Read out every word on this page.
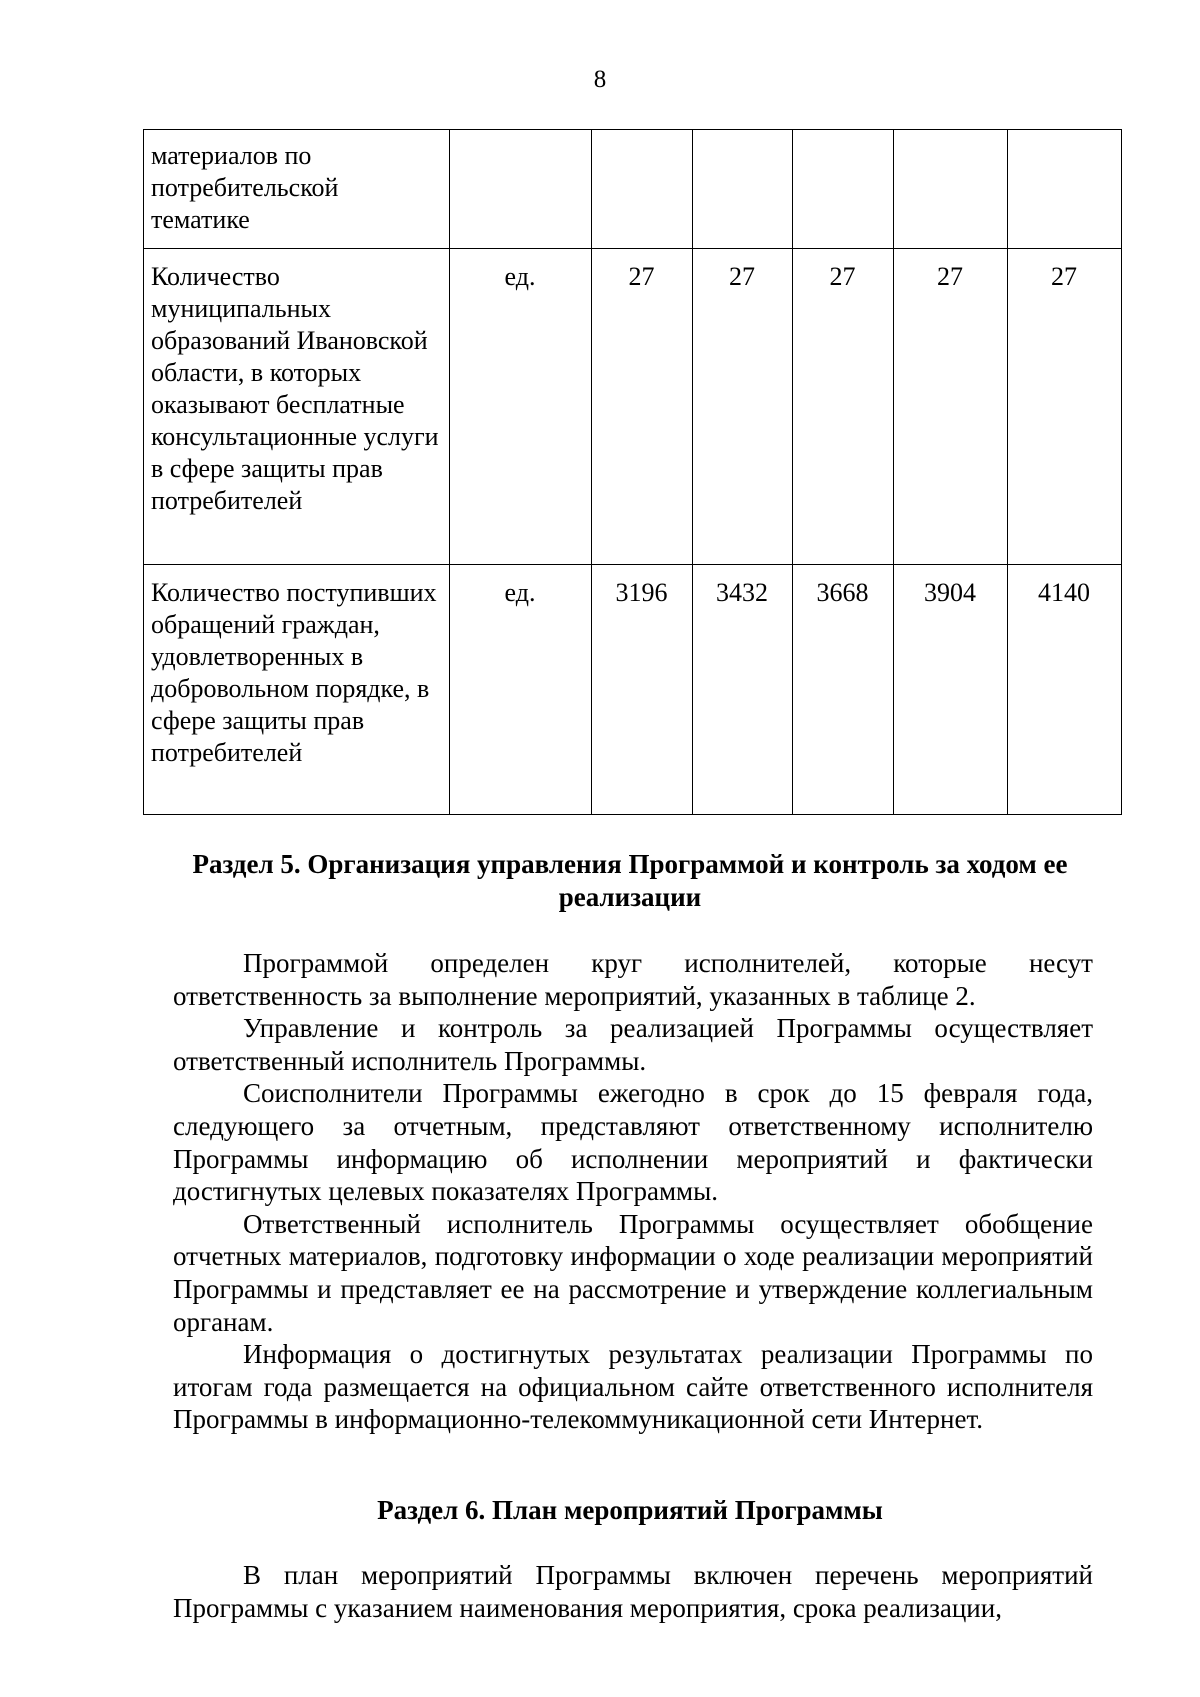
8
материалов по потребительской тематике						
Количество муниципальных образований Ивановской области, в которых оказывают бесплатные консультационные услуги в сфере защиты прав потребителей	ед.	27	27	27	27	27
Количество поступивших обращений граждан, удовлетворенных в добровольном порядке, в сфере защиты прав потребителей	ед.	3196	3432	3668	3904	4140
Раздел 5. Организация управления Программой и контроль за ходом ее реализации

Программой определен круг исполнителей, которые несут ответственность за выполнение мероприятий, указанных в таблице 2.

Управление и контроль за реализацией Программы осуществляет ответственный исполнитель Программы.

Соисполнители Программы ежегодно в срок до 15 февраля года, следующего за отчетным, представляют ответственному исполнителю Программы информацию об исполнении мероприятий и фактически достигнутых целевых показателях Программы.

Ответственный исполнитель Программы осуществляет обобщение отчетных материалов, подготовку информации о ходе реализации мероприятий Программы и представляет ее на рассмотрение и утверждение коллегиальным органам.

Информация о достигнутых результатах реализации Программы по итогам года размещается на официальном сайте ответственного исполнителя Программы в информационно-телекоммуникационной сети Интернет.

Раздел 6. План мероприятий Программы

В план мероприятий Программы включен перечень мероприятий Программы с указанием наименования мероприятия, срока реализации,
